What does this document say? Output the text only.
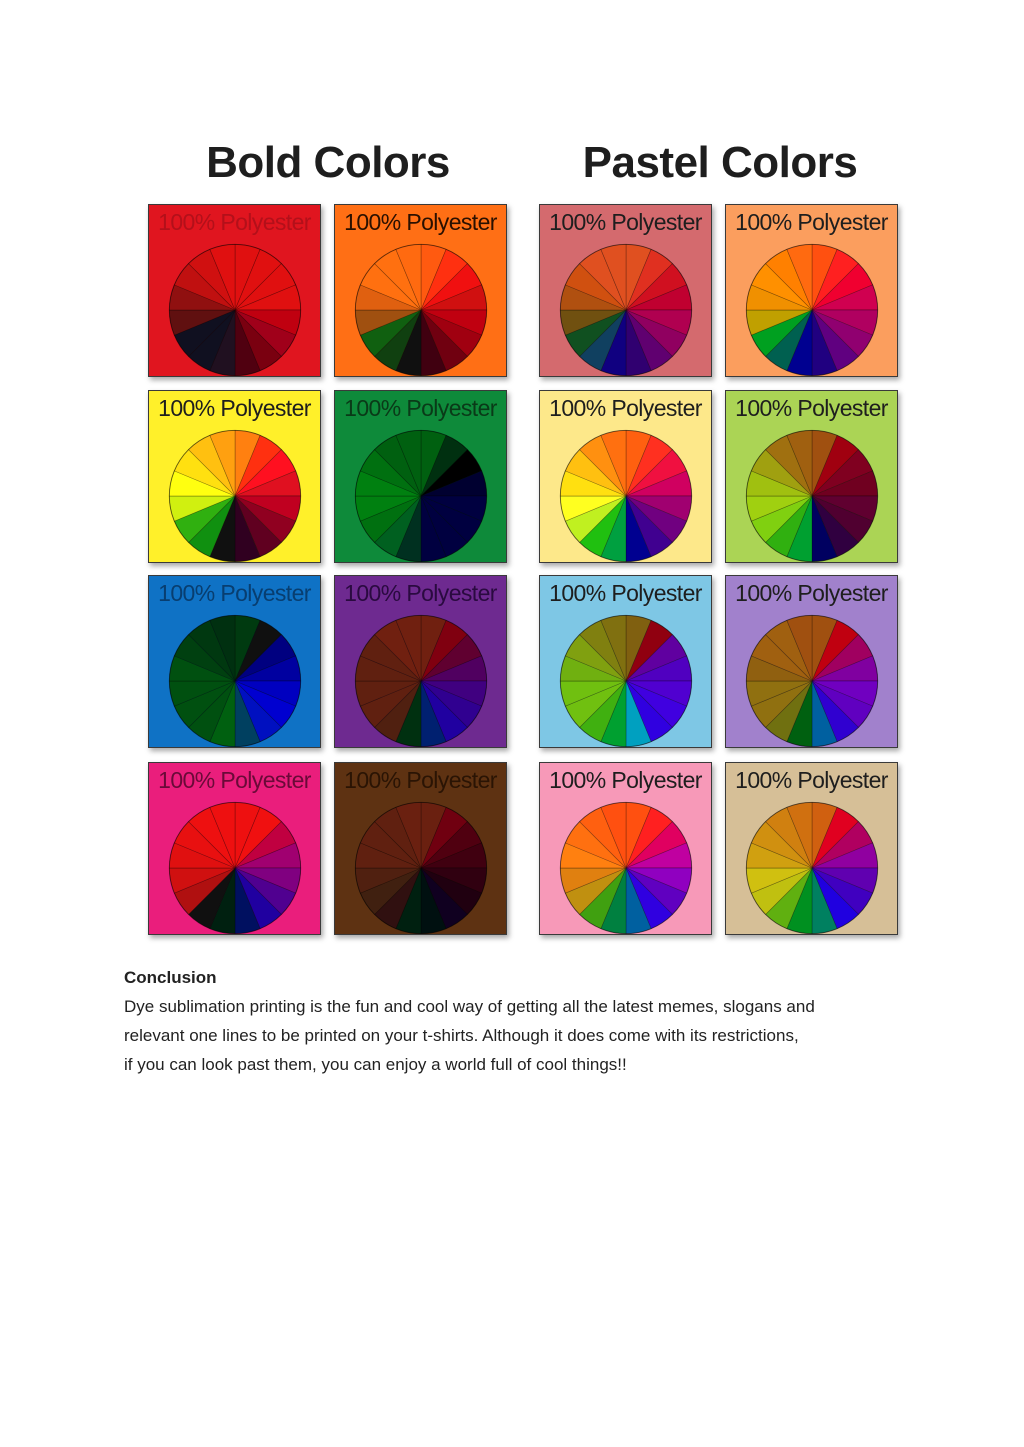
Bold Colors	Pastel Colors
100% Polyester	100% Polyester	100% Polyester	100% Polyester
100% Polyester	100% Polyester	100% Polyester	100% Polyester
100% Polyester	100% Polyester	100% Polyester	100% Polyester
100% Polyester	100% Polyester	100% Polyester	100% Polyester
Conclusion

Dye sublimation printing is the fun and cool way of getting all the latest memes, slogans and
relevant one lines to be printed on your t-shirts. Although it does come with its restrictions,
if you can look past them, you can enjoy a world full of cool things!!
